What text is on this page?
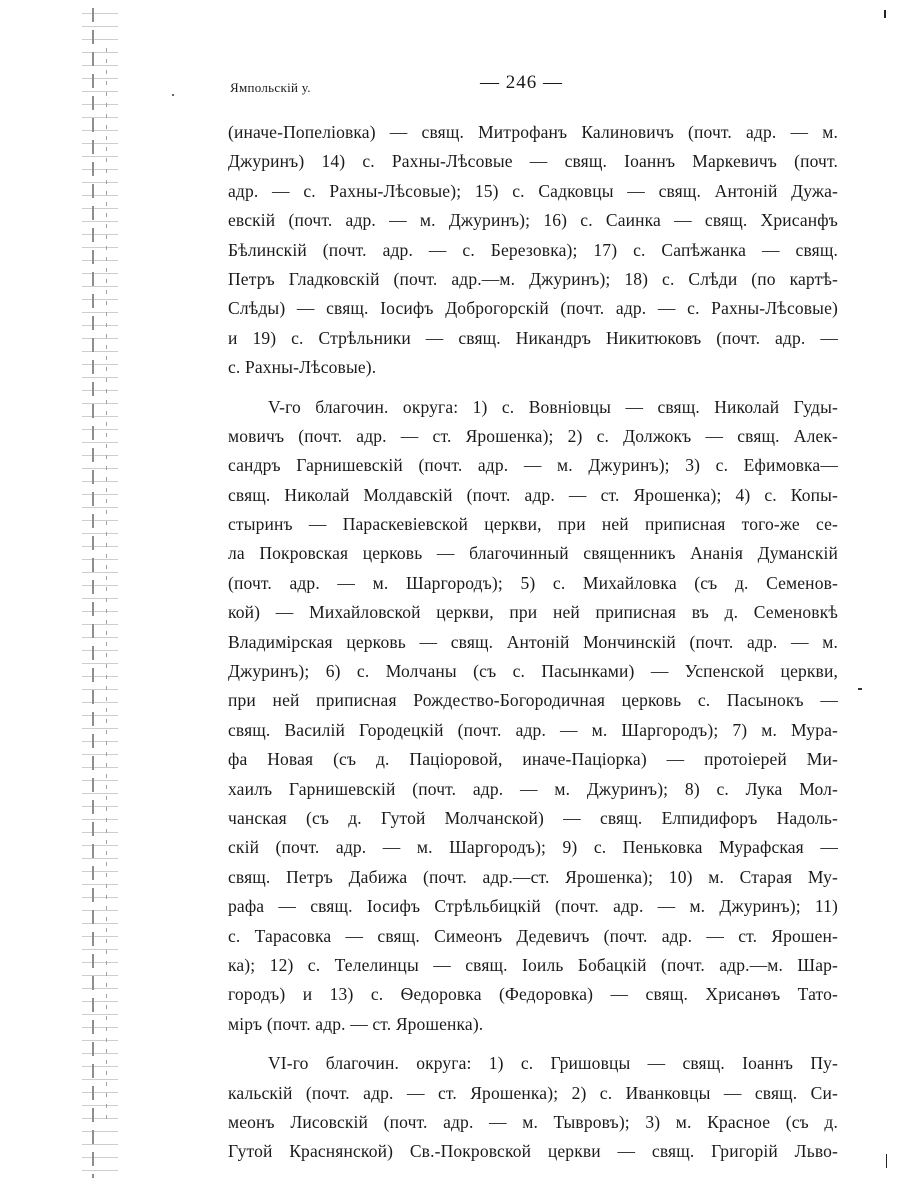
Ямпольскій у.	— 246 —
(иначе-Попеліовка) — свящ. Митрофанъ Калиновичъ (почт. адр. — м.
Джуринъ) 14) с. Рахны-Лѣсовые — свящ. Іоаннъ Маркевичъ (почт.
адр. — с. Рахны-Лѣсовые); 15) с. Садковцы — свящ. Антоній Дужа-
евскій (почт. адр. — м. Джуринъ); 16) с. Саинка — свящ. Хрисанфъ
Бѣлинскій (почт. адр. — с. Березовка); 17) с. Сапѣжанка — свящ.
Петръ Гладковскій (почт. адр.—м. Джуринъ); 18) с. Слѣди (по картѣ-
Слѣды) — свящ. Іосифъ Доброгорскій (почт. адр. — с. Рахны-Лѣсовые)
и 19) с. Стрѣльники — свящ. Никандръ Никитюковъ (почт. адр. —
с. Рахны-Лѣсовые).
V-го благочин. округа: 1) с. Вовніовцы — свящ. Николай Гуды-
мовичъ (почт. адр. — ст. Ярошенка); 2) с. Должокъ — свящ. Алек-
сандръ Гарнишевскій (почт. адр. — м. Джуринъ); 3) с. Ефимовка—
свящ. Николай Молдавскій (почт. адр. — ст. Ярошенка); 4) с. Копы-
стыринъ — Параскевіевской церкви, при ней приписная того-же се-
ла Покровская церковь — благочинный священникъ Ананія Думанскій
(почт. адр. — м. Шаргородъ); 5) с. Михайловка (съ д. Семенов-
кой) — Михайловской церкви, при ней приписная въ д. Семеновкѣ
Владимірская церковь — свящ. Антоній Мончинскій (почт. адр. — м.
Джуринъ); 6) с. Молчаны (съ с. Пасынками) — Успенской церкви,
при ней приписная Рождество-Богородичная церковь с. Пасынокъ —
свящ. Василій Городецкій (почт. адр. — м. Шаргородъ); 7) м. Мура-
фа Новая (съ д. Паціоровой, иначе-Паціорка) — протоіерей Ми-
хаилъ Гарнишевскій (почт. адр. — м. Джуринъ); 8) с. Лука Мол-
чанская (съ д. Гутой Молчанской) — свящ. Елпидифоръ Надоль-
скій (почт. адр. — м. Шаргородъ); 9) с. Пеньковка Мурафская —
свящ. Петръ Дабижа (почт. адр.—ст. Ярошенка); 10) м. Старая Му-
рафа — свящ. Іосифъ Стрѣльбицкій (почт. адр. — м. Джуринъ); 11)
с. Тарасовка — свящ. Симеонъ Дедевичъ (почт. адр. — ст. Ярошен-
ка); 12) с. Телелинцы — свящ. Іоиль Бобацкій (почт. адр.—м. Шар-
городъ) и 13) с. Ѳедоровка (Федоровка) — свящ. Хрисанѳъ Тато-
міръ (почт. адр. — ст. Ярошенка).
VI-го благочин. округа: 1) с. Гришовцы — свящ. Іоаннъ Пу-
кальскій (почт. адр. — ст. Ярошенка); 2) с. Иванковцы — свящ. Си-
меонъ Лисовскій (почт. адр. — м. Тывровъ); 3) м. Красное (съ д.
Гутой Краснянской) Св.-Покровской церкви — свящ. Григорій Льво-
